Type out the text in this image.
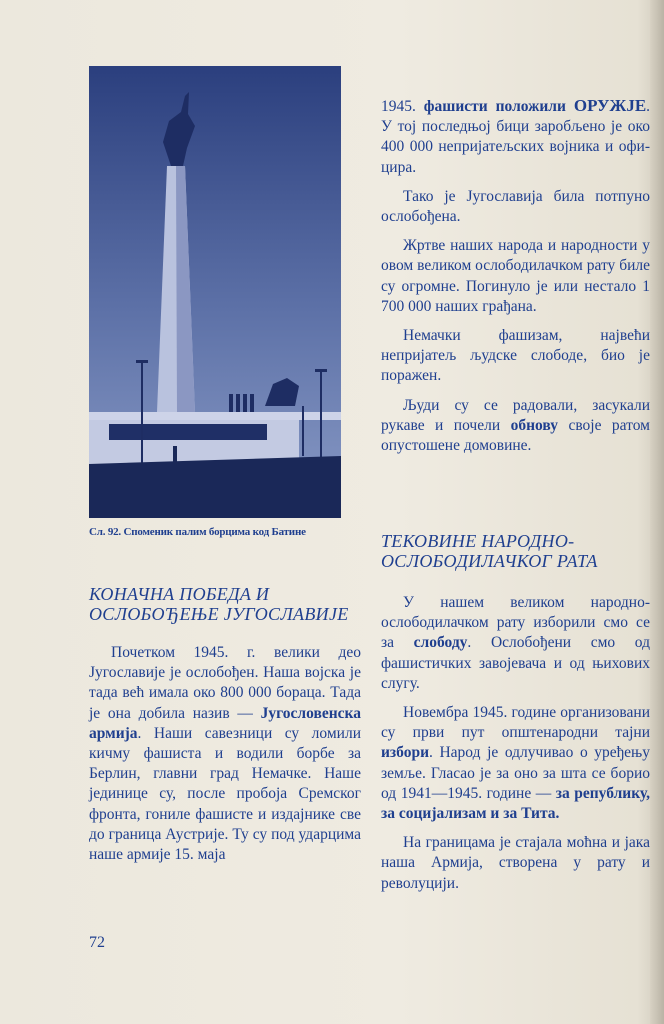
Сл. 92. Споменик палим борцима код Батине

1945. фашисти положили ОРУЖЈЕ. У тој последњој бици заробљено је око 400 000 непријатељских војника и официра.

Тако је Југославија била потпуно ослобођена.

Жртве наших народа и народности у овом великом ослободилачком рату биле су огромне. Погинуло је или нестало 1 700 000 наших грађана.

Немачки фашизам, највећи непријатељ људске слободе, био је поражен.

Људи су се радовали, засукали рукаве и почели обнову своје ратом опустошене домовине.

КОНАЧНА ПОБЕДА И ОСЛОБОЂЕЊЕ ЈУГОСЛАВИЈЕ

Почетком 1945. г. велики део Југославије је ослобођен. Наша војска је тада већ имала око 800 000 бораца. Тада је она добила назив — Југословенска армија. Наши савезници су ломили кичму фашиста и водили борбе за Берлин, главни град Немачке. Наше јединице су, после пробоја Сремског фронта, гониле фашисте и издајнике све до граница Аустрије. Ту су под ударцима наше армије 15. маја

ТЕКОВИНЕ НАРОДНООСЛОБОДИЛАЧКОГ РАТА

У нашем великом народноослободилачком рату изборили смо се за слободу. Ослобођени смо од фашистичких завојевача и од њихових слугу.

Новембра 1945. године организовани су први пут општенародни тајни избори. Народ је одлучивао о уређењу земље. Гласао је за оно за шта се борио од 1941—1945. године — за републику, за социјализам и за Тита.

На границама је стајала моћна и јака наша Армија, створена у рату и револуцији.

72
